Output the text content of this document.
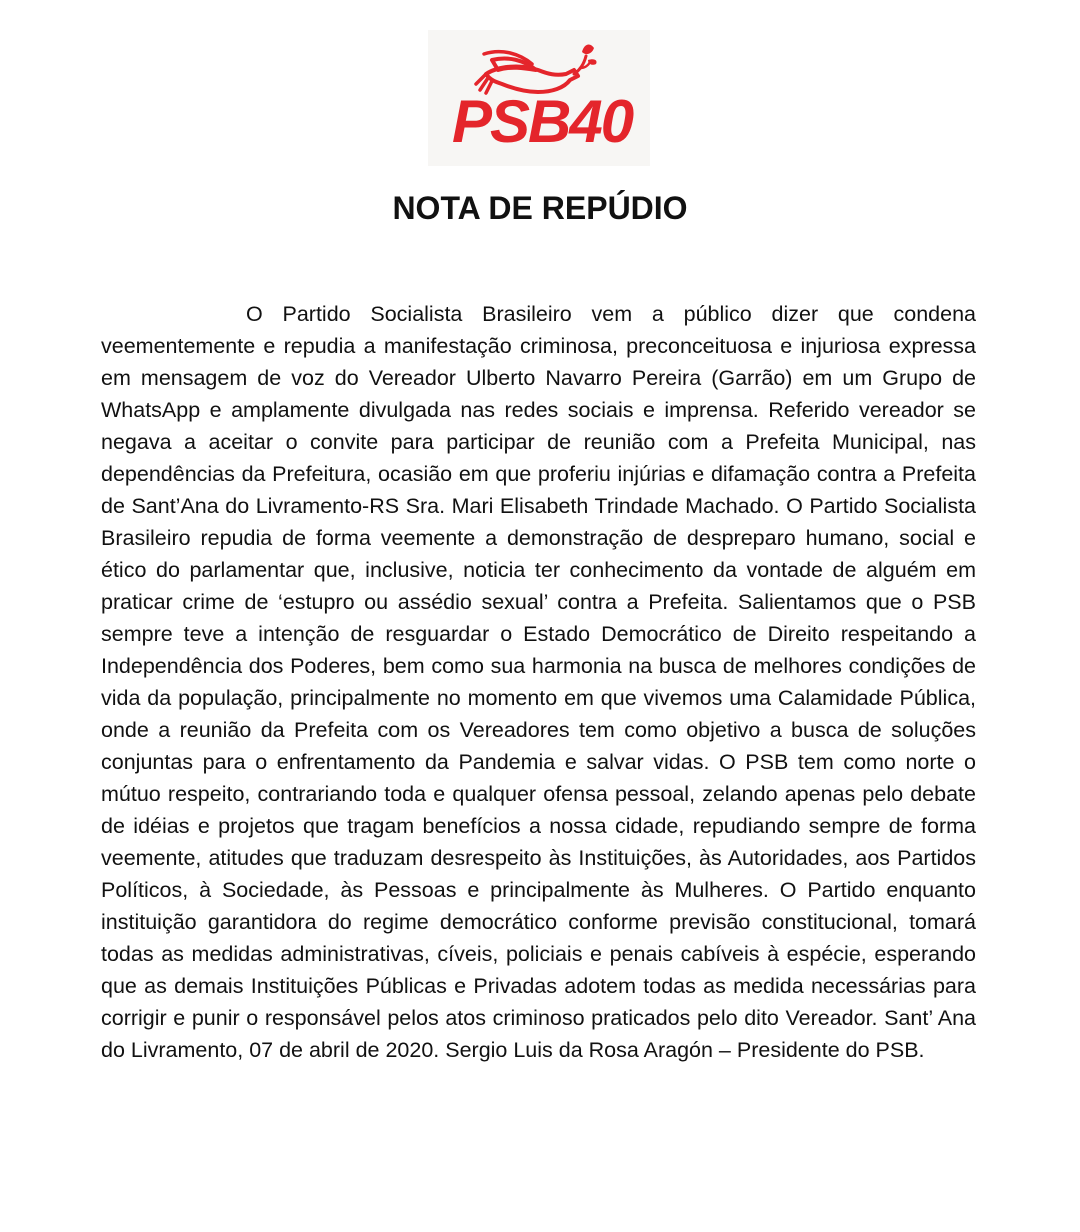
PSB40
NOTA DE REPÚDIO

O Partido Socialista Brasileiro vem a público dizer que condena veementemente e repudia a manifestação criminosa, preconceituosa e injuriosa expressa em mensagem de voz do Vereador Ulberto Navarro Pereira (Garrão) em um Grupo de WhatsApp e amplamente divulgada nas redes sociais e imprensa. Referido vereador se negava a aceitar o convite para participar de reunião com a Prefeita Municipal, nas dependências da Prefeitura, ocasião em que proferiu injúrias e difamação contra a Prefeita de Sant’Ana do Livramento-RS Sra. Mari Elisabeth Trindade Machado. O Partido Socialista Brasileiro repudia de forma veemente a demonstração de despreparo humano, social e ético do parlamentar que, inclusive, noticia ter conhecimento da vontade de alguém em praticar crime de ‘estupro ou assédio sexual’ contra a Prefeita. Salientamos que o PSB sempre teve a intenção de resguardar o Estado Democrático de Direito respeitando a Independência dos Poderes, bem como sua harmonia na busca de melhores condições de vida da população, principalmente no momento em que vivemos uma Calamidade Pública, onde a reunião da Prefeita com os Vereadores tem como objetivo a busca de soluções conjuntas para o enfrentamento da Pandemia e salvar vidas. O PSB tem como norte o mútuo respeito, contrariando toda e qualquer ofensa pessoal, zelando apenas pelo debate de idéias e projetos que tragam benefícios a nossa cidade, repudiando sempre de forma veemente, atitudes que traduzam desrespeito às Instituições, às Autoridades, aos Partidos Políticos, à Sociedade, às Pessoas e principalmente às Mulheres. O Partido enquanto instituição garantidora do regime democrático conforme previsão constitucional, tomará todas as medidas administrativas, cíveis, policiais e penais cabíveis à espécie, esperando que as demais Instituições Públicas e Privadas adotem todas as medida necessárias para corrigir e punir o responsável pelos atos criminoso praticados pelo dito Vereador. Sant’ Ana do Livramento, 07 de abril de 2020. Sergio Luis da Rosa Aragón – Presidente do PSB.
